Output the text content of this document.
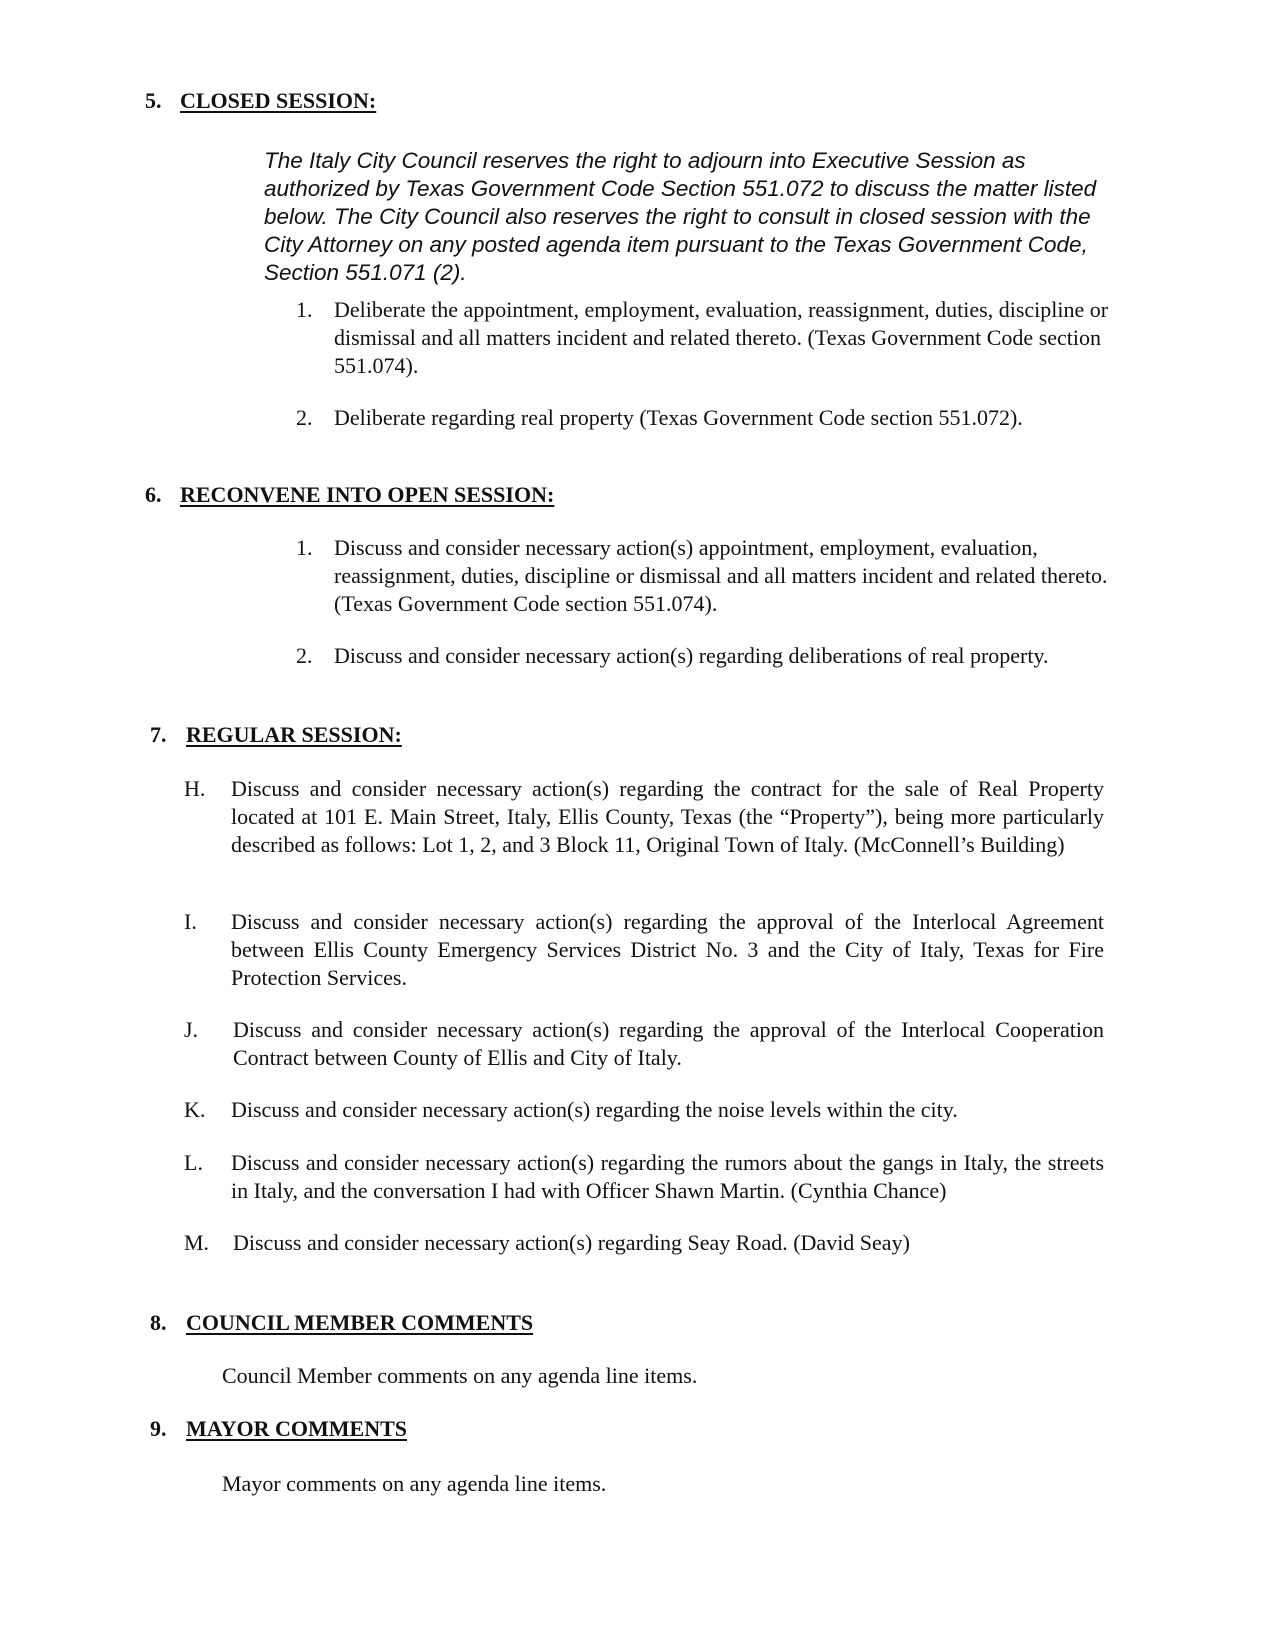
5. CLOSED SESSION:

The Italy City Council reserves the right to adjourn into Executive Session as authorized by Texas Government Code Section 551.072 to discuss the matter listed below. The City Council also reserves the right to consult in closed session with the City Attorney on any posted agenda item pursuant to the Texas Government Code, Section 551.071 (2).

1. Deliberate the appointment, employment, evaluation, reassignment, duties, discipline or dismissal and all matters incident and related thereto. (Texas Government Code section 551.074).
2. Deliberate regarding real property (Texas Government Code section 551.072).
6. RECONVENE INTO OPEN SESSION:
1. Discuss and consider necessary action(s) appointment, employment, evaluation, reassignment, duties, discipline or dismissal and all matters incident and related thereto. (Texas Government Code section 551.074).
2. Discuss and consider necessary action(s) regarding deliberations of real property.
7. REGULAR SESSION:
H. Discuss and consider necessary action(s) regarding the contract for the sale of Real Property located at 101 E. Main Street, Italy, Ellis County, Texas (the “Property”), being more particularly described as follows: Lot 1, 2, and 3 Block 11, Original Town of Italy. (McConnell’s Building)
I. Discuss and consider necessary action(s) regarding the approval of the Interlocal Agreement between Ellis County Emergency Services District No. 3 and the City of Italy, Texas for Fire Protection Services.
J. Discuss and consider necessary action(s) regarding the approval of the Interlocal Cooperation Contract between County of Ellis and City of Italy.
K. Discuss and consider necessary action(s) regarding the noise levels within the city.
L. Discuss and consider necessary action(s) regarding the rumors about the gangs in Italy, the streets in Italy, and the conversation I had with Officer Shawn Martin. (Cynthia Chance)
M. Discuss and consider necessary action(s) regarding Seay Road. (David Seay)
8. COUNCIL MEMBER COMMENTS
Council Member comments on any agenda line items.
9. MAYOR COMMENTS
Mayor comments on any agenda line items.
